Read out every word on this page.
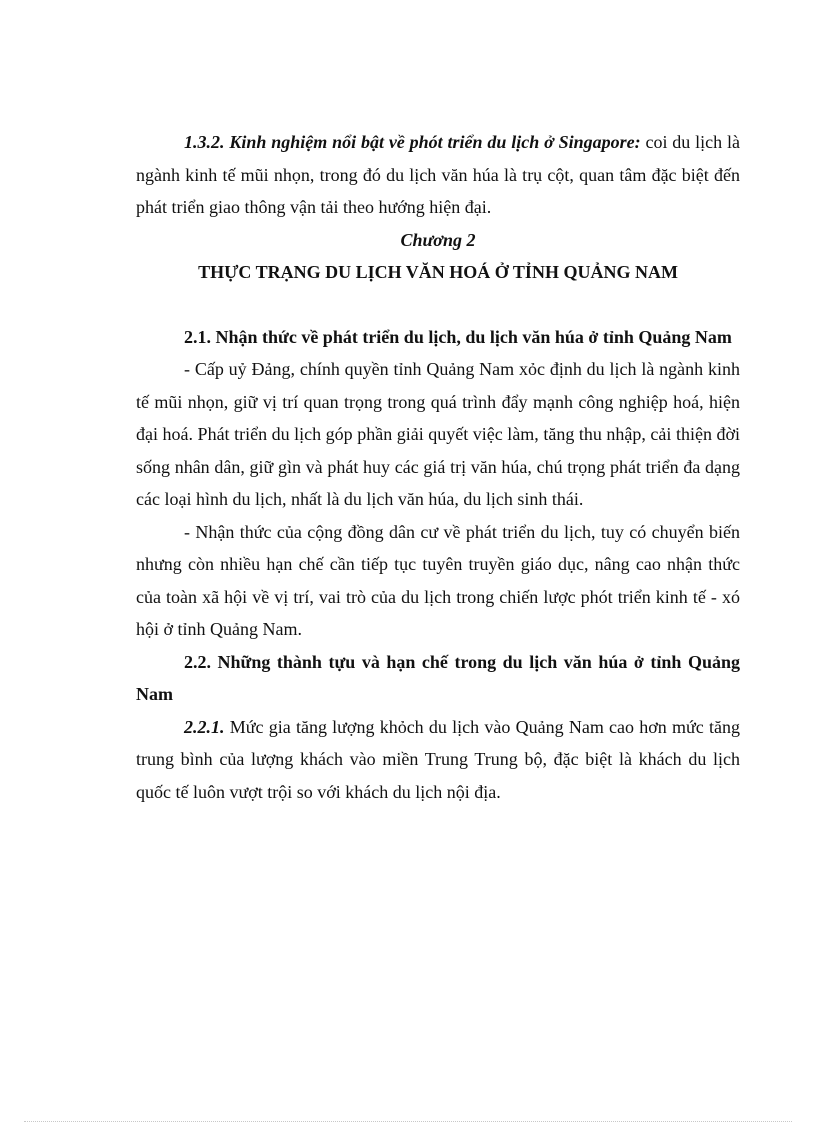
1.3.2. Kinh nghiệm nổi bật về phót triển du lịch ở Singapore: coi du lịch là ngành kinh tế mũi nhọn, trong đó du lịch văn húa là trụ cột, quan tâm đặc biệt đến phát triển giao thông vận tải theo hướng hiện đại.

Chương 2

THỰC TRẠNG DU LỊCH VĂN HOÁ Ở TỈNH QUẢNG NAM

2.1. Nhận thức về phát triển du lịch, du lịch văn húa ở tỉnh Quảng Nam

- Cấp uỷ Đảng, chính quyền tỉnh Quảng Nam xỏc định du lịch là ngành kinh tế mũi nhọn, giữ vị trí quan trọng trong quá trình đẩy mạnh công nghiệp hoá, hiện đại hoá. Phát triển du lịch góp phần giải quyết việc làm, tăng thu nhập, cải thiện đời sống nhân dân, giữ gìn và phát huy các giá trị văn húa, chú trọng phát triển đa dạng các loại hình du lịch, nhất là du lịch văn húa, du lịch sinh thái.

- Nhận thức của cộng đồng dân cư về phát triển du lịch, tuy có chuyển biến nhưng còn nhiều hạn chế cần tiếp tục tuyên truyền giáo dục, nâng cao nhận thức của toàn xã hội về vị trí, vai trò của du lịch trong chiến lược phót triển kinh tế - xó hội ở tỉnh Quảng Nam.

2.2. Những thành tựu và hạn chế trong du lịch văn húa ở tỉnh Quảng Nam

2.2.1. Mức gia tăng lượng khỏch du lịch vào Quảng Nam cao hơn mức tăng trung bình của lượng khách vào miền Trung Trung bộ, đặc biệt là khách du lịch quốc tế luôn vượt trội so với khách du lịch nội địa.
